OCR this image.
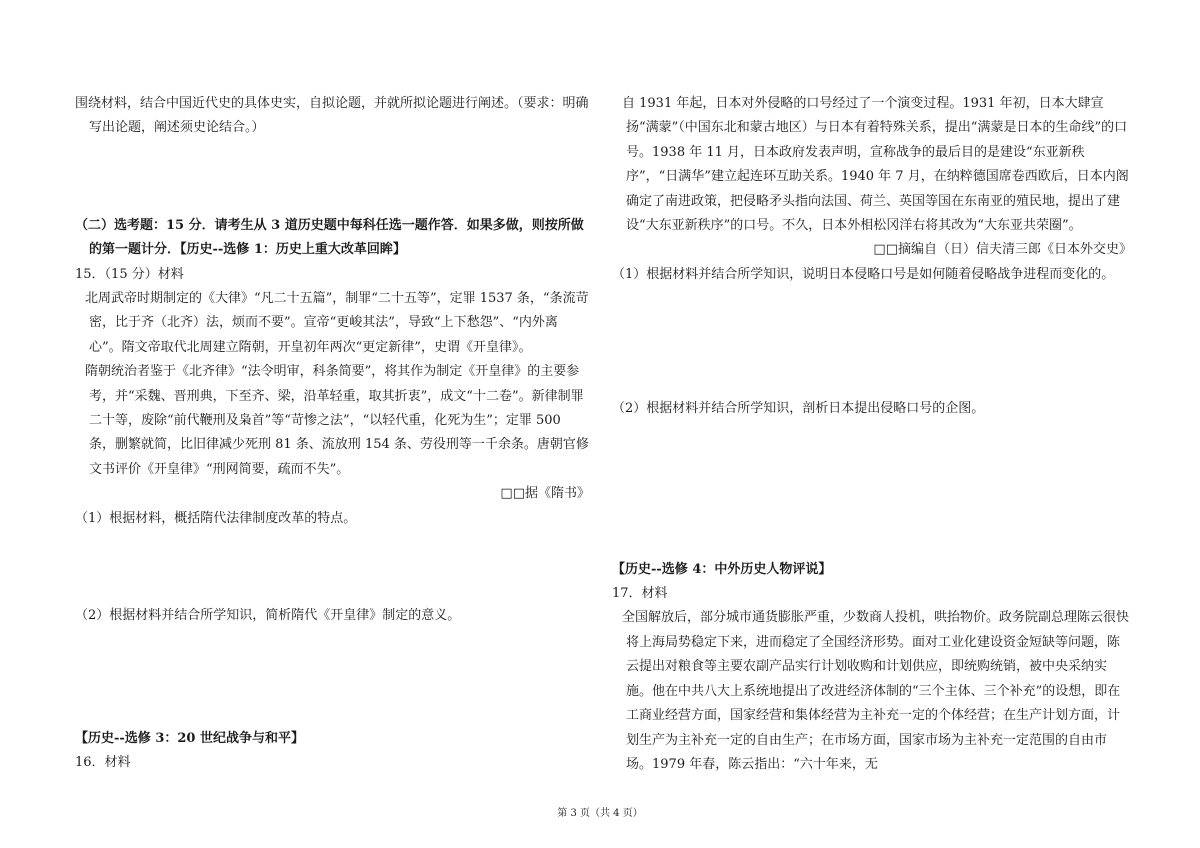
围绕材料，结合中国近代史的具体史实，自拟论题，并就所拟论题进行阐述。（要求：明确写出论题，阐述须史论结合。）

（二）选考题：15 分．请考生从 3 道历史题中每科任选一题作答．如果多做，则按所做的第一题计分．【历史--选修 1：历史上重大改革回眸】

15．（15 分）材料

北周武帝时期制定的《大律》“凡二十五篇”，制罪“二十五等”，定罪 1537 条，“条流苛密，比于齐（北齐）法，烦而不要”。宣帝“更峻其法”，导致“上下愁怨”、“内外离心”。隋文帝取代北周建立隋朝，开皇初年两次“更定新律”，史谓《开皇律》。

隋朝统治者鉴于《北齐律》“法令明审，科条简要”，将其作为制定《开皇律》的主要参考，并“采魏、晋刑典，下至齐、梁，沿革轻重，取其折衷”，成文“十二卷”。新律制罪二十等，废除“前代鞭刑及枭首”等“苛惨之法”，“以轻代重，化死为生”；定罪 500 条，删繁就简，比旧律减少死刑 81 条、流放刑 154 条、劳役刑等一千余条。唐朝官修文书评价《开皇律》“刑网简要，疏而不失”。

□□据《隋书》

（1）根据材料，概括隋代法律制度改革的特点。

（2）根据材料并结合所学知识，简析隋代《开皇律》制定的意义。

【历史--选修 3：20 世纪战争与和平】

16．材料

自 1931 年起，日本对外侵略的口号经过了一个演变过程。1931 年初，日本大肆宣扬“满蒙”（中国东北和蒙古地区）与日本有着特殊关系，提出“满蒙是日本的生命线”的口号。1938 年 11 月，日本政府发表声明，宣称战争的最后目的是建设“东亚新秩序”，“日满华”建立起连环互助关系。1940 年 7 月，在纳粹德国席卷西欧后，日本内阁确定了南进政策，把侵略矛头指向法国、荷兰、英国等国在东南亚的殖民地，提出了建设“大东亚新秩序”的口号。不久，日本外相松冈洋右将其改为“大东亚共荣圈”。

□□摘编自（日）信夫清三郎《日本外交史》

（1）根据材料并结合所学知识，说明日本侵略口号是如何随着侵略战争进程而变化的。

（2）根据材料并结合所学知识，剖析日本提出侵略口号的企图。

【历史--选修 4：中外历史人物评说】

17．材料

全国解放后，部分城市通货膨胀严重，少数商人投机，哄抬物价。政务院副总理陈云很快将上海局势稳定下来，进而稳定了全国经济形势。面对工业化建设资金短缺等问题，陈云提出对粮食等主要农副产品实行计划收购和计划供应，即统购统销，被中央采纳实施。他在中共八大上系统地提出了改进经济体制的“三个主体、三个补充”的设想，即在工商业经营方面，国家经营和集体经营为主补充一定的个体经营；在生产计划方面，计划生产为主补充一定的自由生产；在市场方面，国家市场为主补充一定范围的自由市场。1979 年春，陈云指出：“六十年来，无

第 3 页（共 4 页）
